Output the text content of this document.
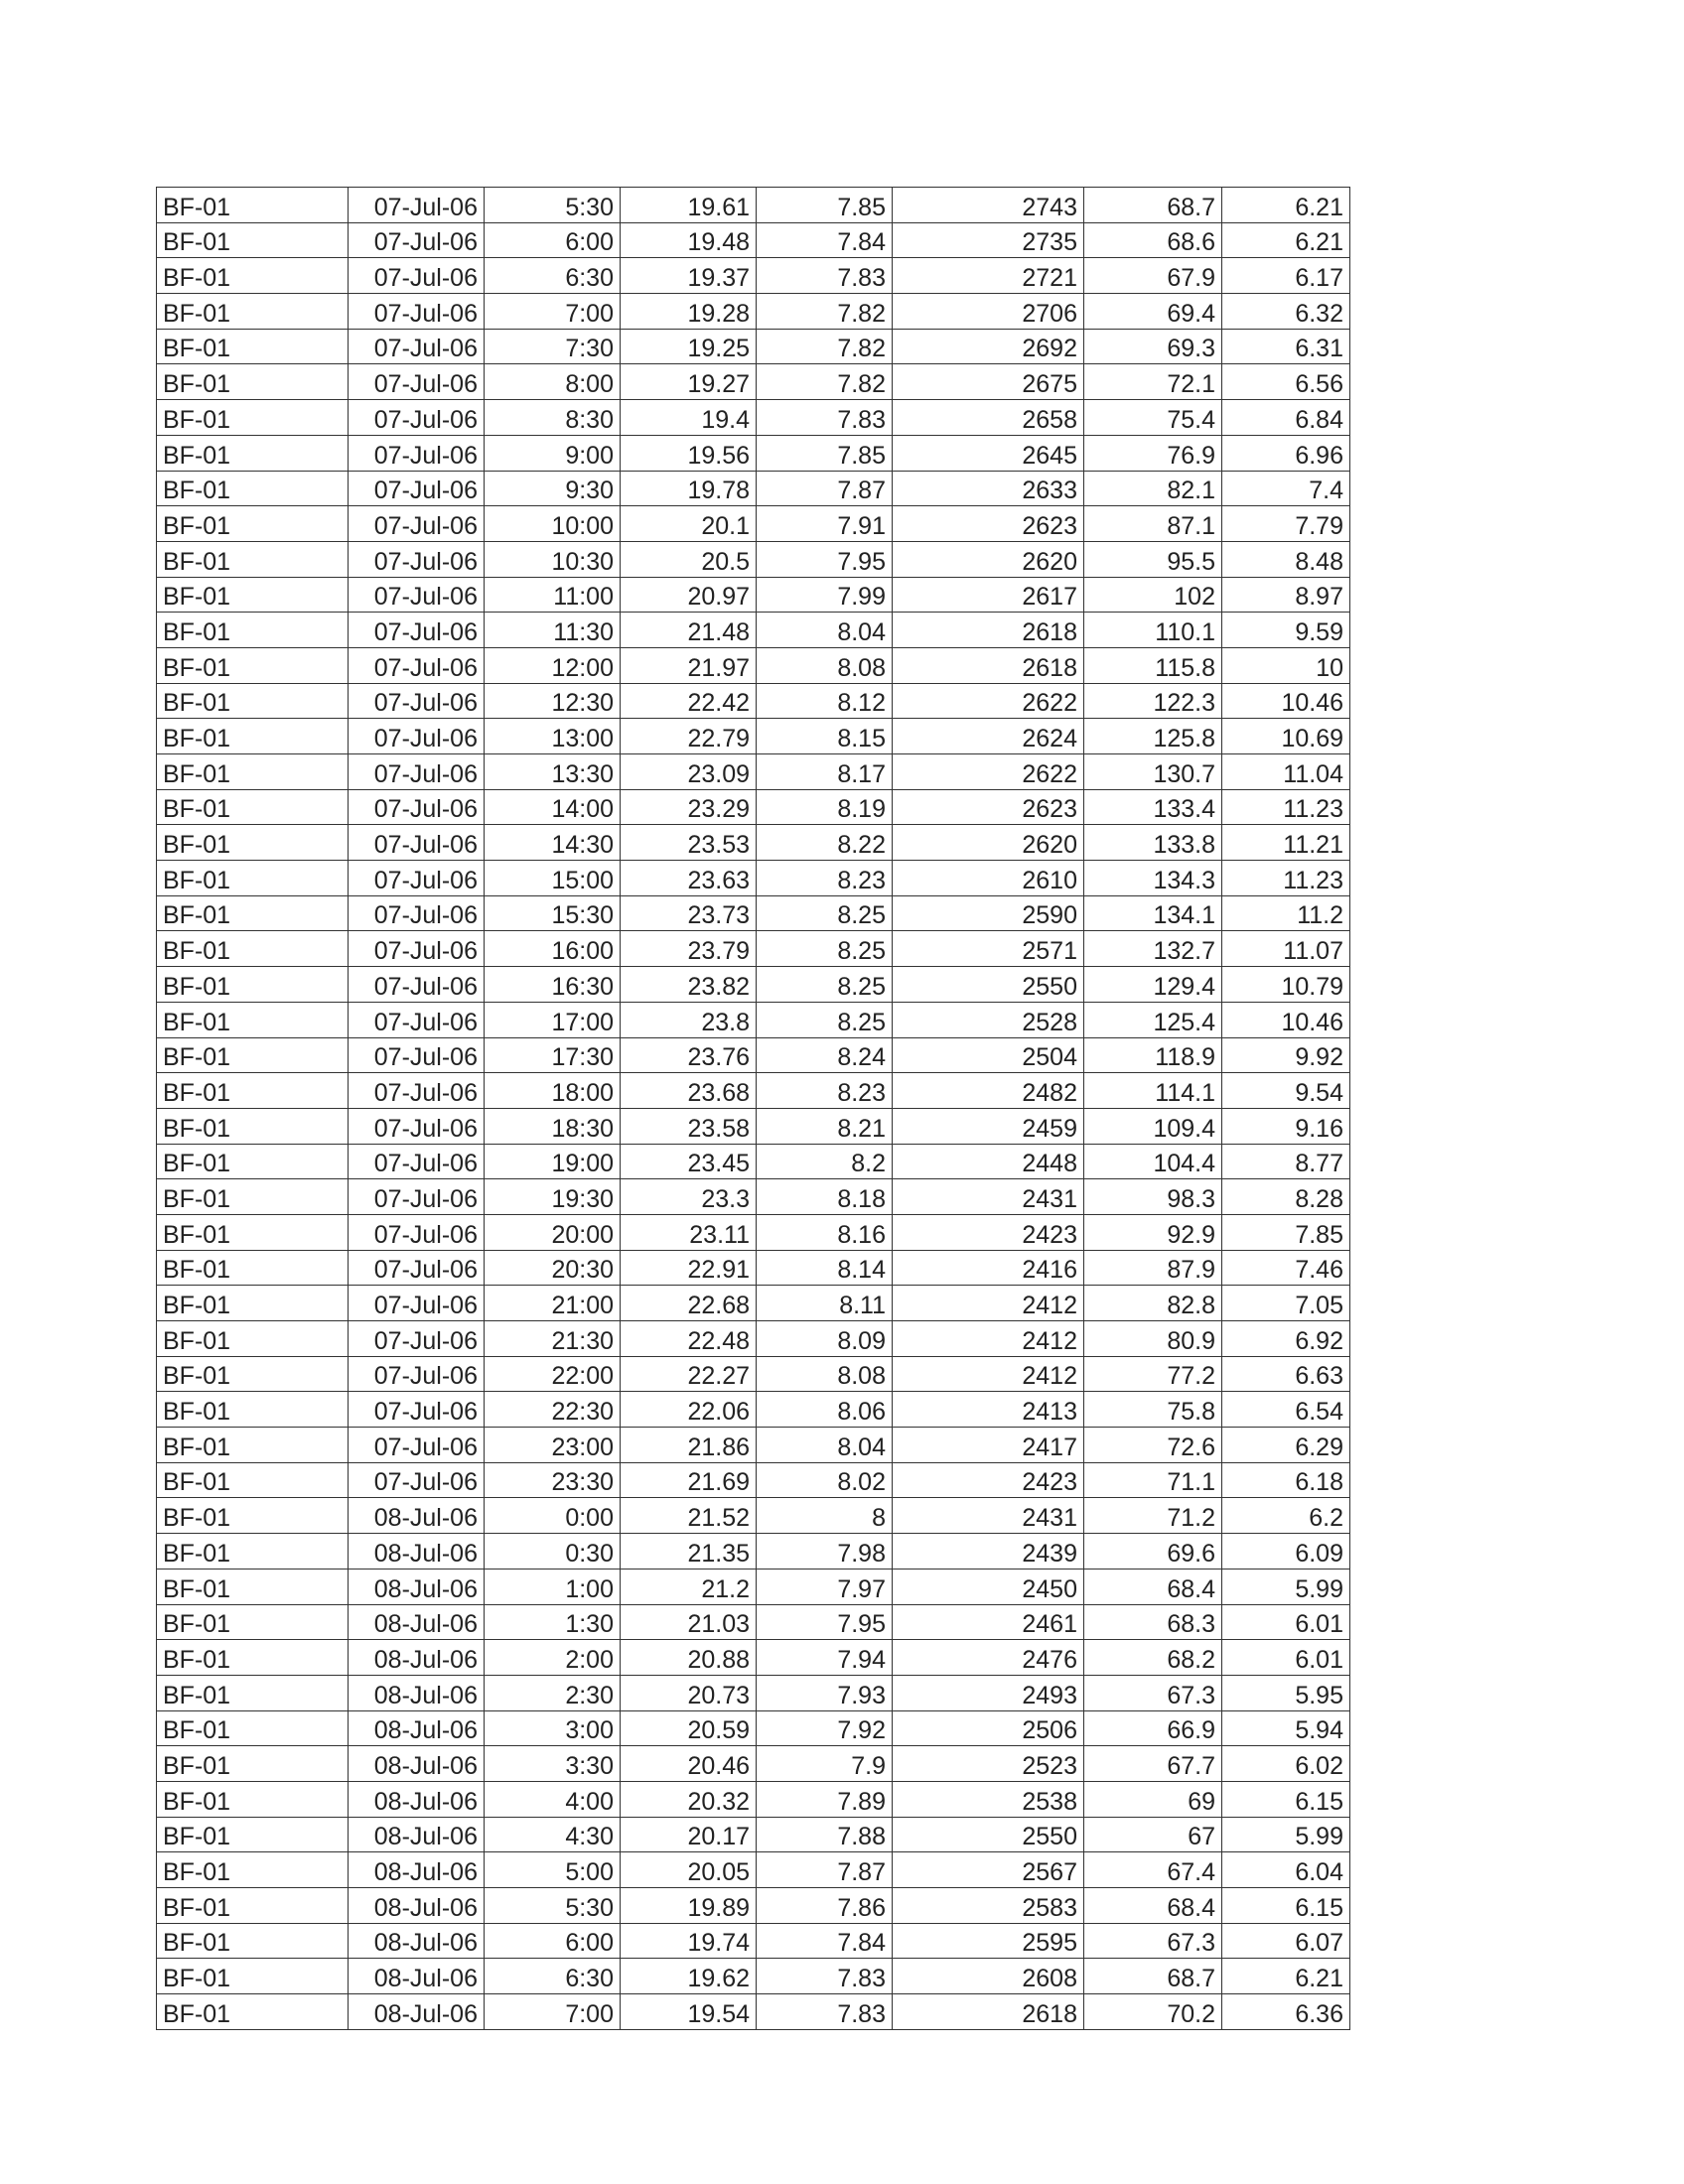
BF-01	07-Jul-06	5:30	19.61	7.85	2743	68.7	6.21
BF-01	07-Jul-06	6:00	19.48	7.84	2735	68.6	6.21
BF-01	07-Jul-06	6:30	19.37	7.83	2721	67.9	6.17
BF-01	07-Jul-06	7:00	19.28	7.82	2706	69.4	6.32
BF-01	07-Jul-06	7:30	19.25	7.82	2692	69.3	6.31
BF-01	07-Jul-06	8:00	19.27	7.82	2675	72.1	6.56
BF-01	07-Jul-06	8:30	19.4	7.83	2658	75.4	6.84
BF-01	07-Jul-06	9:00	19.56	7.85	2645	76.9	6.96
BF-01	07-Jul-06	9:30	19.78	7.87	2633	82.1	7.4
BF-01	07-Jul-06	10:00	20.1	7.91	2623	87.1	7.79
BF-01	07-Jul-06	10:30	20.5	7.95	2620	95.5	8.48
BF-01	07-Jul-06	11:00	20.97	7.99	2617	102	8.97
BF-01	07-Jul-06	11:30	21.48	8.04	2618	110.1	9.59
BF-01	07-Jul-06	12:00	21.97	8.08	2618	115.8	10
BF-01	07-Jul-06	12:30	22.42	8.12	2622	122.3	10.46
BF-01	07-Jul-06	13:00	22.79	8.15	2624	125.8	10.69
BF-01	07-Jul-06	13:30	23.09	8.17	2622	130.7	11.04
BF-01	07-Jul-06	14:00	23.29	8.19	2623	133.4	11.23
BF-01	07-Jul-06	14:30	23.53	8.22	2620	133.8	11.21
BF-01	07-Jul-06	15:00	23.63	8.23	2610	134.3	11.23
BF-01	07-Jul-06	15:30	23.73	8.25	2590	134.1	11.2
BF-01	07-Jul-06	16:00	23.79	8.25	2571	132.7	11.07
BF-01	07-Jul-06	16:30	23.82	8.25	2550	129.4	10.79
BF-01	07-Jul-06	17:00	23.8	8.25	2528	125.4	10.46
BF-01	07-Jul-06	17:30	23.76	8.24	2504	118.9	9.92
BF-01	07-Jul-06	18:00	23.68	8.23	2482	114.1	9.54
BF-01	07-Jul-06	18:30	23.58	8.21	2459	109.4	9.16
BF-01	07-Jul-06	19:00	23.45	8.2	2448	104.4	8.77
BF-01	07-Jul-06	19:30	23.3	8.18	2431	98.3	8.28
BF-01	07-Jul-06	20:00	23.11	8.16	2423	92.9	7.85
BF-01	07-Jul-06	20:30	22.91	8.14	2416	87.9	7.46
BF-01	07-Jul-06	21:00	22.68	8.11	2412	82.8	7.05
BF-01	07-Jul-06	21:30	22.48	8.09	2412	80.9	6.92
BF-01	07-Jul-06	22:00	22.27	8.08	2412	77.2	6.63
BF-01	07-Jul-06	22:30	22.06	8.06	2413	75.8	6.54
BF-01	07-Jul-06	23:00	21.86	8.04	2417	72.6	6.29
BF-01	07-Jul-06	23:30	21.69	8.02	2423	71.1	6.18
BF-01	08-Jul-06	0:00	21.52	8	2431	71.2	6.2
BF-01	08-Jul-06	0:30	21.35	7.98	2439	69.6	6.09
BF-01	08-Jul-06	1:00	21.2	7.97	2450	68.4	5.99
BF-01	08-Jul-06	1:30	21.03	7.95	2461	68.3	6.01
BF-01	08-Jul-06	2:00	20.88	7.94	2476	68.2	6.01
BF-01	08-Jul-06	2:30	20.73	7.93	2493	67.3	5.95
BF-01	08-Jul-06	3:00	20.59	7.92	2506	66.9	5.94
BF-01	08-Jul-06	3:30	20.46	7.9	2523	67.7	6.02
BF-01	08-Jul-06	4:00	20.32	7.89	2538	69	6.15
BF-01	08-Jul-06	4:30	20.17	7.88	2550	67	5.99
BF-01	08-Jul-06	5:00	20.05	7.87	2567	67.4	6.04
BF-01	08-Jul-06	5:30	19.89	7.86	2583	68.4	6.15
BF-01	08-Jul-06	6:00	19.74	7.84	2595	67.3	6.07
BF-01	08-Jul-06	6:30	19.62	7.83	2608	68.7	6.21
BF-01	08-Jul-06	7:00	19.54	7.83	2618	70.2	6.36
